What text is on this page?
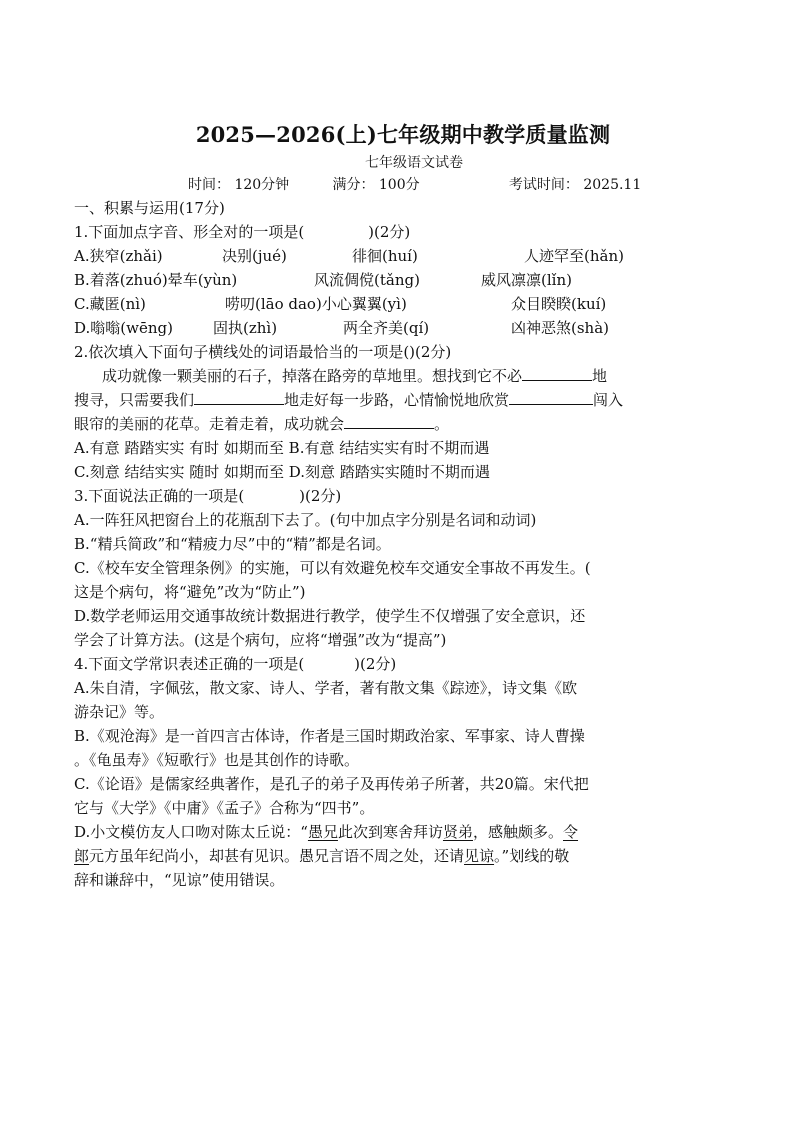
2025—2026(上)七年级期中教学质量监测
七年级语文试卷
时间： 120分钟	满分： 100分	考试时间： 2025.11
一、积累与运用(17分)
1.下面加点字音、形全对的一项是(	)(2分)
A.狭窄(zhǎi)	决别(jué)	徘徊(huí)	人迹罕至(hǎn)
B.着落(zhuó)晕车(yùn)	风流倜傥(tǎng)	威风凛凛(lǐn)
C.藏匿(nì)	唠叨(lāo dao)小心翼翼(yì)	众目睽睽(kuí)
D.嗡嗡(wēng)	固执(zhì)	两全齐美(qí)	凶神恶煞(shà)
2.依次填入下面句子横线处的词语最恰当的一项是()(2分)
成功就像一颗美丽的石子，掉落在路旁的草地里。想找到它不必	地
搜寻，只需要我们	地走好每一步路，心情愉悦地欣赏	闯入
眼帘的美丽的花草。走着走着，成功就会	。
A.有意 踏踏实实 有时 如期而至 B.有意 结结实实有时不期而遇
C.刻意 结结实实 随时 如期而至 D.刻意 踏踏实实随时不期而遇
3.下面说法正确的一项是(	)(2分)
A.一阵狂风把窗台上的花瓶刮下去了。(句中加点字分别是名词和动词)
B.“精兵简政”和“精疲力尽”中的“精”都是名词。
C.《校车安全管理条例》的实施，可以有效避免校车交通安全事故不再发生。(
这是个病句，将“避免”改为“防止”)
D.数学老师运用交通事故统计数据进行教学，使学生不仅增强了安全意识，还
学会了计算方法。(这是个病句，应将“增强”改为“提高”)
4.下面文学常识表述正确的一项是(	)(2分)
A.朱自清，字佩弦，散文家、诗人、学者，著有散文集《踪迹》，诗文集《欧
游杂记》等。
B.《观沧海》是一首四言古体诗，作者是三国时期政治家、军事家、诗人曹操
。《龟虽寿》《短歌行》也是其创作的诗歌。
C.《论语》是儒家经典著作，是孔子的弟子及再传弟子所著，共20篇。宋代把
它与《大学》《中庸》《孟子》合称为“四书”。
D.小文模仿友人口吻对陈太丘说：“愚兄此次到寒舍拜访贤弟，感触颇多。令
郎元方虽年纪尚小，却甚有见识。愚兄言语不周之处，还请见谅。”划线的敬
辞和谦辞中，“见谅”使用错误。
